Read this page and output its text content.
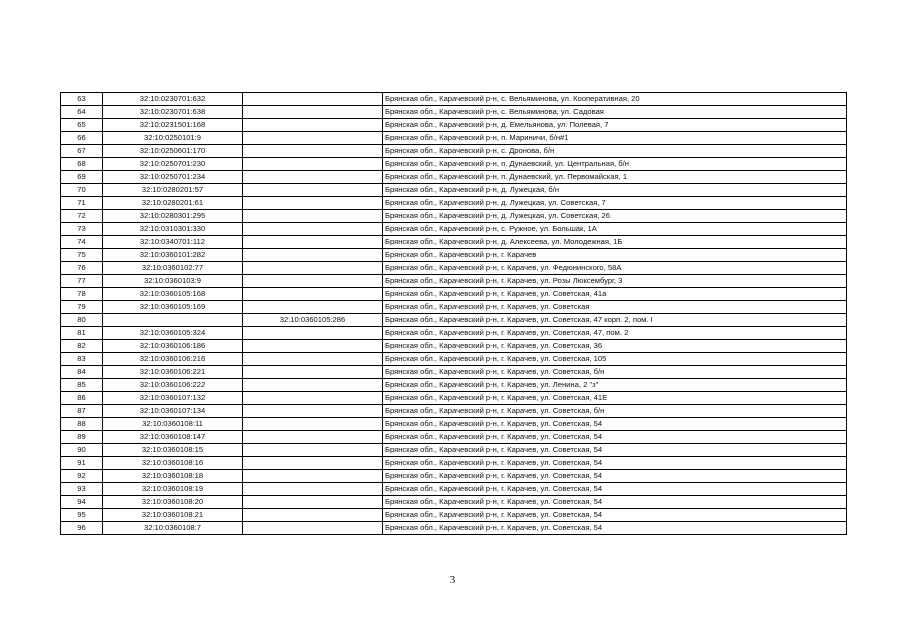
63	32:10:0230701:632		Брянская обл., Карачевский р-н, с. Вельяминова, ул. Кооперативная, 20
64	32:10:0230701:638		Брянская обл., Карачевский р-н, с. Вельяминова, ул. Садовая
65	32:10:0231501:168		Брянская обл., Карачевский р-н, д. Емельянова, ул. Полевая, 7
66	32:10:0250101:9		Брянская обл., Карачевский р-н, п. Мариничи, б/н#1
67	32:10:0250601:170		Брянская обл., Карачевский р-н, с. Дронова, б/н
68	32:10:0250701:230		Брянская обл., Карачевский р-н, п. Дунаевский, ул. Центральная, б/н
69	32:10:0250701:234		Брянская обл., Карачевский р-н, п. Дунаевский, ул. Первомайская, 1
70	32:10:0280201:57		Брянская обл., Карачевский р-н, д. Лужецкая, б/н
71	32:10:0280201:61		Брянская обл., Карачевский р-н, д. Лужецкая, ул. Советская, 7
72	32:10:0280301:295		Брянская обл., Карачевский р-н, д. Лужецкая, ул. Советская, 26
73	32:10:0310301:330		Брянская обл., Карачевский р-н, с. Ружное, ул. Большак, 1А
74	32:10:0340701:112		Брянская обл., Карачевский р-н, д. Алексеева, ул. Молодежная, 1Б
75	32:10:0360101:282		Брянская обл., Карачевский р-н, г. Карачев
76	32:10:0360102:77		Брянская обл., Карачевский р-н, г. Карачев, ул. Федюнинского, 58А
77	32:10:0360103:9		Брянская обл., Карачевский р-н, г. Карачев, ул. Розы Люксембург, 3
78	32:10:0360105:168		Брянская обл., Карачевский р-н, г. Карачев, ул. Советская, 41а
79	32:10:0360105:169		Брянская обл., Карачевский р-н, г. Карачев, ул. Советская
80		32:10:0360105:286	Брянская обл., Карачевский р-н, г. Карачев, ул. Советская, 47 корп. 2, пом. I
81	32:10:0360105:324		Брянская обл., Карачевский р-н, г. Карачев, ул. Советская, 47, пом. 2
82	32:10:0360106:186		Брянская обл., Карачевский р-н, г. Карачев, ул. Советская, 36
83	32:10:0360106:216		Брянская обл., Карачевский р-н, г. Карачев, ул. Советская, 105
84	32:10:0360106:221		Брянская обл., Карачевский р-н, г. Карачев, ул. Советская, б/н
85	32:10:0360106:222		Брянская обл., Карачевский р-н, г. Карачев, ул. Ленина, 2 "з"
86	32:10:0360107:132		Брянская обл., Карачевский р-н, г. Карачев, ул. Советская, 41Е
87	32:10:0360107:134		Брянская обл., Карачевский р-н, г. Карачев, ул. Советская, б/н
88	32:10:0360108:11		Брянская обл., Карачевский р-н, г. Карачев, ул. Советская, 54
89	32:10:0360108:147		Брянская обл., Карачевский р-н, г. Карачев, ул. Советская, 54
90	32:10:0360108:15		Брянская обл., Карачевский р-н, г. Карачев, ул. Советская, 54
91	32:10:0360108:16		Брянская обл., Карачевский р-н, г. Карачев, ул. Советская, 54
92	32:10:0360108:18		Брянская обл., Карачевский р-н, г. Карачев, ул. Советская, 54
93	32:10:0360108:19		Брянская обл., Карачевский р-н, г. Карачев, ул. Советская, 54
94	32:10:0360108:20		Брянская обл., Карачевский р-н, г. Карачев, ул. Советская, 54
95	32:10:0360108:21		Брянская обл., Карачевский р-н, г. Карачев, ул. Советская, 54
96	32:10:0360108:7		Брянская обл., Карачевский р-н, г. Карачев, ул. Советская, 54
3
